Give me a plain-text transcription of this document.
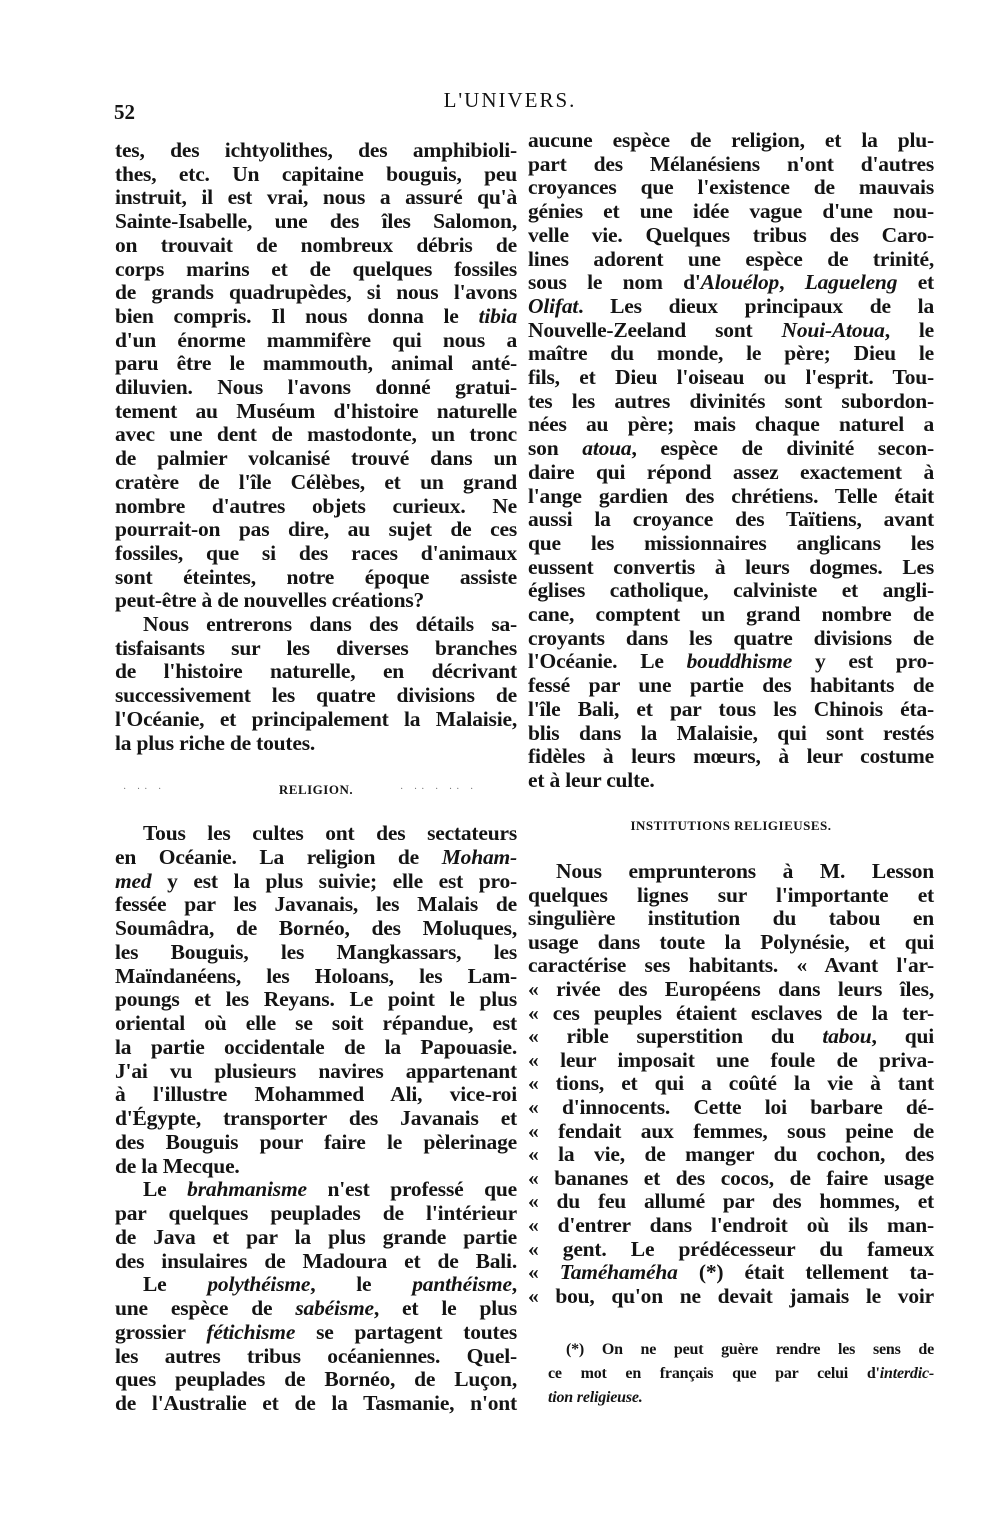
52	L'UNIVERS.
tes, des ichtyolithes, des amphibioli-
thes, etc. Un capitaine bouguis, peu
instruit, il est vrai, nous a assuré qu'à
Sainte-Isabelle, une des îles Salomon,
on trouvait de nombreux débris de
corps marins et de quelques fossiles
de grands quadrupèdes, si nous l'avons
bien compris. Il nous donna le tibia
d'un énorme mammifère qui nous a
paru être le mammouth, animal anté-
diluvien. Nous l'avons donné gratui-
tement au Muséum d'histoire naturelle
avec une dent de mastodonte, un tronc
de palmier volcanisé trouvé dans un
cratère de l'île Célèbes, et un grand
nombre d'autres objets curieux. Ne
pourrait-on pas dire, au sujet de ces
fossiles, que si des races d'animaux
sont éteintes, notre époque assiste
peut-être à de nouvelles créations?
Nous entrerons dans des détails sa-
tisfaisants sur les diverses branches
de l'histoire naturelle, en décrivant
successivement les quatre divisions de
l'Océanie, et principalement la Malaisie,
la plus riche de toutes.
· ·· ·	RELIGION.	· ·· · ·· ·
Tous les cultes ont des sectateurs
en Océanie. La religion de Moham-
med y est la plus suivie; elle est pro-
fessée par les Javanais, les Malais de
Soumâdra, de Bornéo, des Moluques,
les Bouguis, les Mangkassars, les
Maïndanéens, les Holoans, les Lam-
poungs et les Reyans. Le point le plus
oriental où elle se soit répandue, est
la partie occidentale de la Papouasie.
J'ai vu plusieurs navires appartenant
à l'illustre Mohammed Ali, vice-roi
d'Égypte, transporter des Javanais et
des Bouguis pour faire le pèlerinage
de la Mecque.
Le brahmanisme n'est professé que
par quelques peuplades de l'intérieur
de Java et par la plus grande partie
des insulaires de Madoura et de Bali.
Le polythéisme, le panthéisme,
une espèce de sabéisme, et le plus
grossier fétichisme se partagent toutes
les autres tribus océaniennes. Quel-
ques peuplades de Bornéo, de Luçon,
de l'Australie et de la Tasmanie, n'ont
aucune espèce de religion, et la plu-
part des Mélanésiens n'ont d'autres
croyances que l'existence de mauvais
génies et une idée vague d'une nou-
velle vie. Quelques tribus des Caro-
lines adorent une espèce de trinité,
sous le nom d'Alouélop, Lagueleng et
Olifat. Les dieux principaux de la
Nouvelle-Zeeland sont Noui-Atoua, le
maître du monde, le père; Dieu le
fils, et Dieu l'oiseau ou l'esprit. Tou-
tes les autres divinités sont subordon-
nées au père; mais chaque naturel a
son atoua, espèce de divinité secon-
daire qui répond assez exactement à
l'ange gardien des chrétiens. Telle était
aussi la croyance des Taïtiens, avant
que les missionnaires anglicans les
eussent convertis à leurs dogmes. Les
églises catholique, calviniste et angli-
cane, comptent un grand nombre de
croyants dans les quatre divisions de
l'Océanie. Le bouddhisme y est pro-
fessé par une partie des habitants de
l'île Bali, et par tous les Chinois éta-
blis dans la Malaisie, qui sont restés
fidèles à leurs mœurs, à leur costume
et à leur culte.
INSTITUTIONS RELIGIEUSES.
Nous emprunterons à M. Lesson
quelques lignes sur l'importante et
singulière institution du tabou en
usage dans toute la Polynésie, et qui
caractérise ses habitants. « Avant l'ar-
« rivée des Européens dans leurs îles,
« ces peuples étaient esclaves de la ter-
« rible superstition du tabou, qui
« leur imposait une foule de priva-
« tions, et qui a coûté la vie à tant
« d'innocents. Cette loi barbare dé-
« fendait aux femmes, sous peine de
« la vie, de manger du cochon, des
« bananes et des cocos, de faire usage
« du feu allumé par des hommes, et
« d'entrer dans l'endroit où ils man-
« gent. Le prédécesseur du fameux
« Taméhaméha (*) était tellement ta-
« bou, qu'on ne devait jamais le voir
(*) On ne peut guère rendre les sens de
ce mot en français que par celui d'interdic-
tion religieuse.
